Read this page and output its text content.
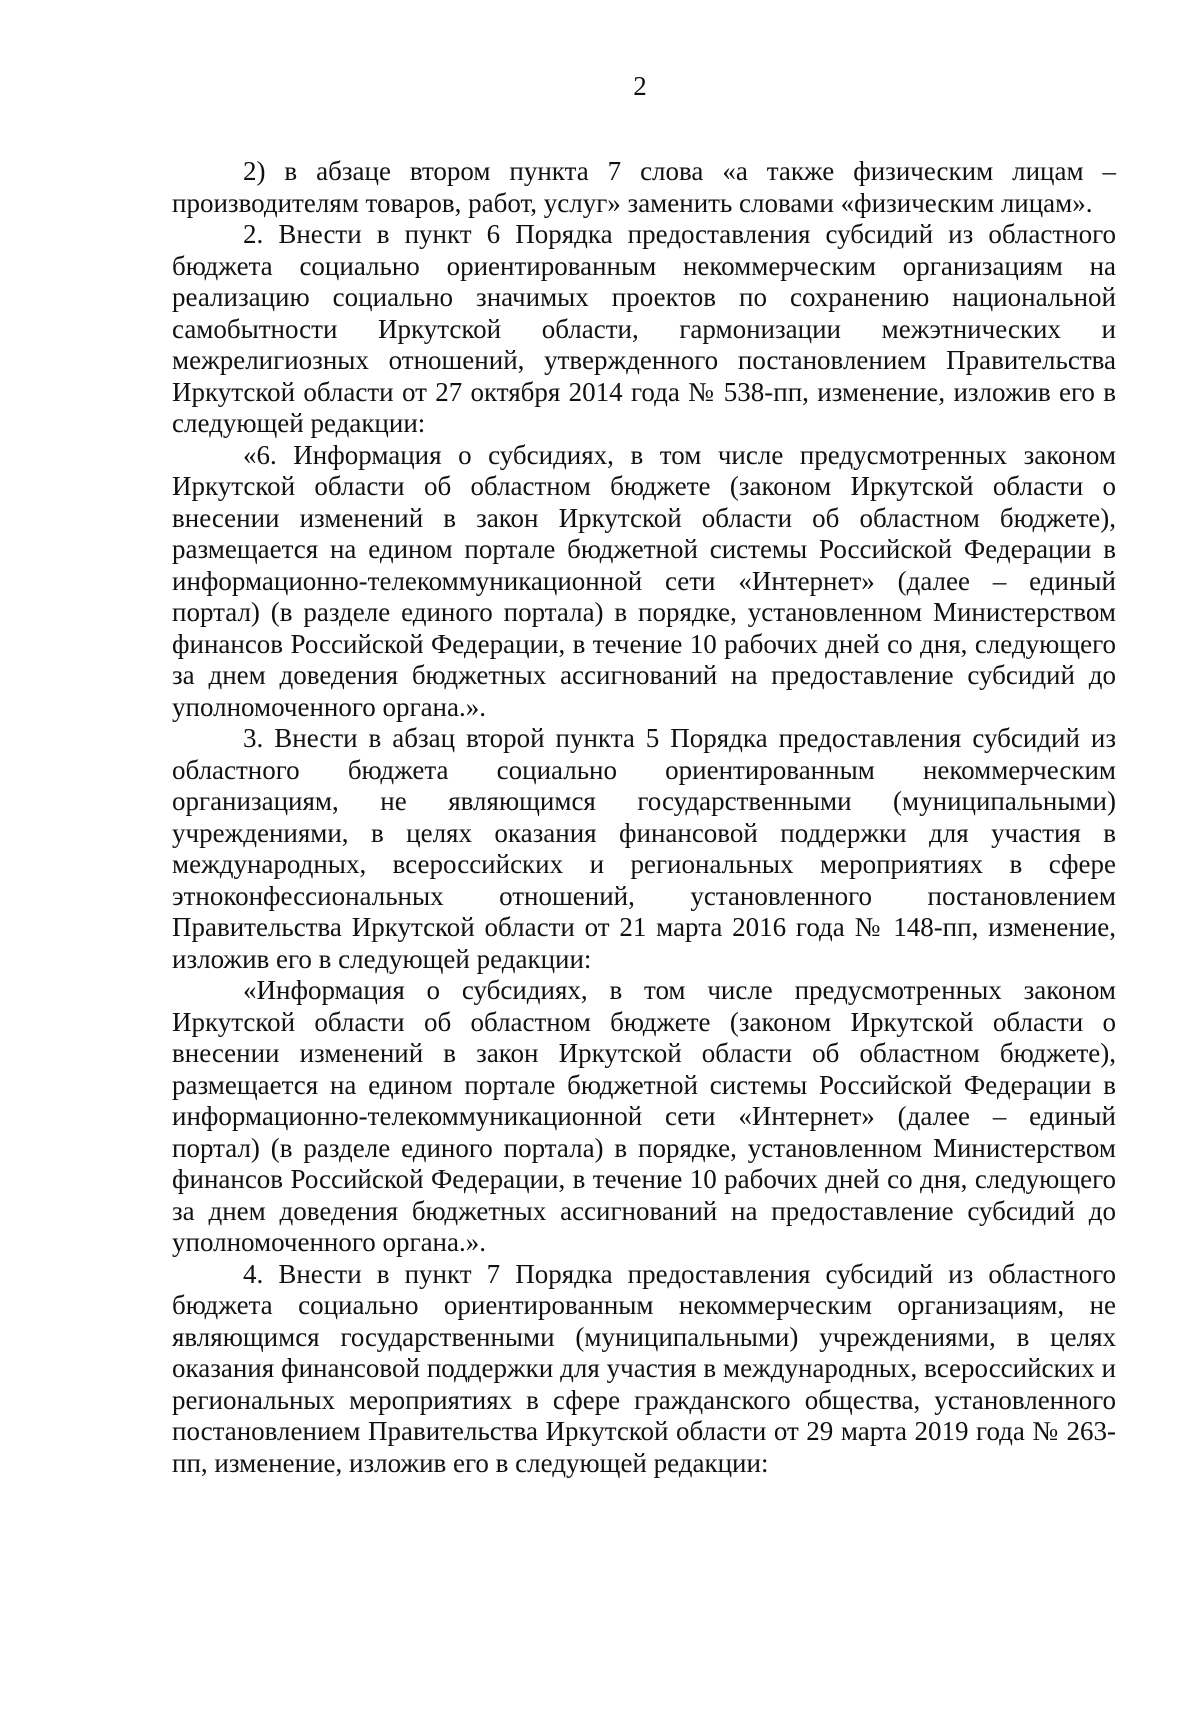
2

2) в абзаце втором пункта 7 слова «а также физическим лицам – производителям товаров, работ, услуг» заменить словами «физическим лицам».

2. Внести в пункт 6 Порядка предоставления субсидий из областного бюджета социально ориентированным некоммерческим организациям на реализацию социально значимых проектов по сохранению национальной самобытности Иркутской области, гармонизации межэтнических и межрелигиозных отношений, утвержденного постановлением Правительства Иркутской области от 27 октября 2014 года № 538-пп, изменение, изложив его в следующей редакции:

«6. Информация о субсидиях, в том числе предусмотренных законом Иркутской области об областном бюджете (законом Иркутской области о внесении изменений в закон Иркутской области об областном бюджете), размещается на едином портале бюджетной системы Российской Федерации в информационно-телекоммуникационной сети «Интернет» (далее – единый портал) (в разделе единого портала) в порядке, установленном Министерством финансов Российской Федерации, в течение 10 рабочих дней со дня, следующего за днем доведения бюджетных ассигнований на предоставление субсидий до уполномоченного органа.».

3. Внести в абзац второй пункта 5 Порядка предоставления субсидий из областного бюджета социально ориентированным некоммерческим организациям, не являющимся государственными (муниципальными) учреждениями, в целях оказания финансовой поддержки для участия в международных, всероссийских и региональных мероприятиях в сфере этноконфессиональных отношений, установленного постановлением Правительства Иркутской области от 21 марта 2016 года № 148-пп, изменение, изложив его в следующей редакции:

«Информация о субсидиях, в том числе предусмотренных законом Иркутской области об областном бюджете (законом Иркутской области о внесении изменений в закон Иркутской области об областном бюджете), размещается на едином портале бюджетной системы Российской Федерации в информационно-телекоммуникационной сети «Интернет» (далее – единый портал) (в разделе единого портала) в порядке, установленном Министерством финансов Российской Федерации, в течение 10 рабочих дней со дня, следующего за днем доведения бюджетных ассигнований на предоставление субсидий до уполномоченного органа.».

4. Внести в пункт 7 Порядка предоставления субсидий из областного бюджета социально ориентированным некоммерческим организациям, не являющимся государственными (муниципальными) учреждениями, в целях оказания финансовой поддержки для участия в международных, всероссийских и региональных мероприятиях в сфере гражданского общества, установленного постановлением Правительства Иркутской области от 29 марта 2019 года № 263-пп, изменение, изложив его в следующей редакции:
